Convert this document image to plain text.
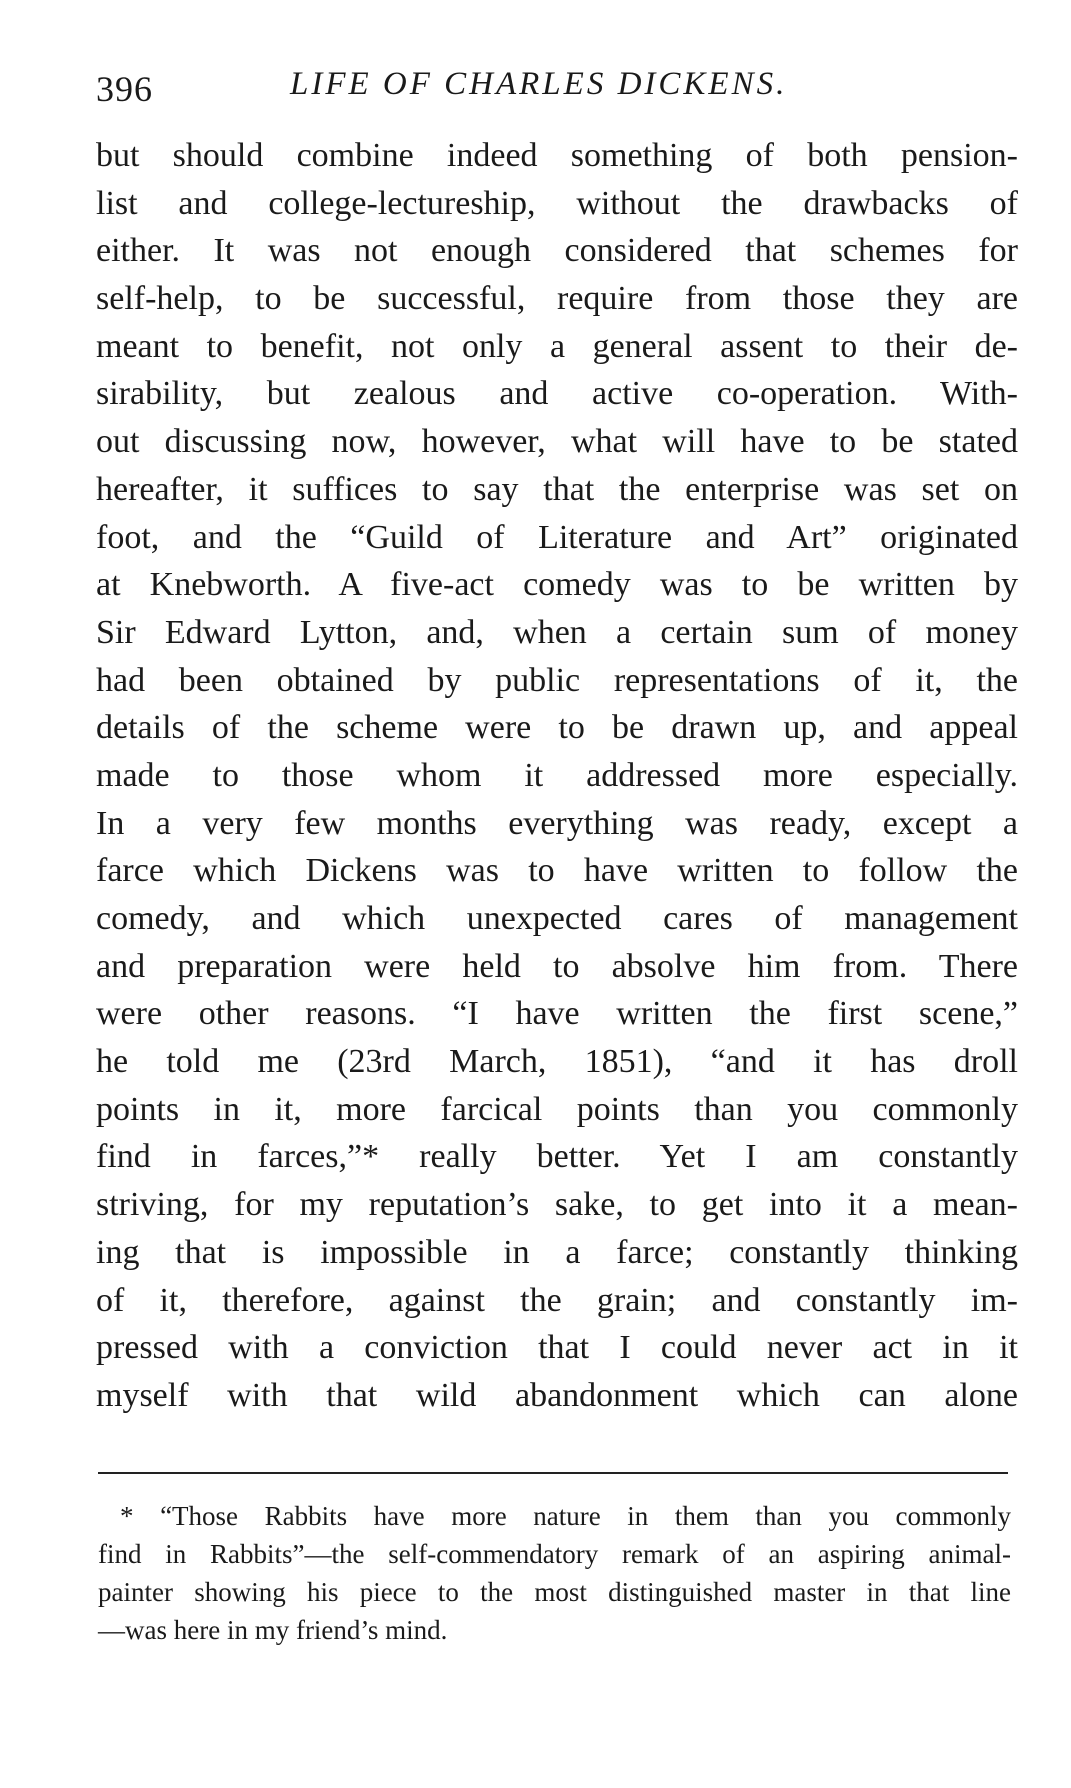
396	LIFE OF CHARLES DICKENS.
but should combine indeed something of both pension-
list and college-lectureship, without the drawbacks of
either. It was not enough considered that schemes for
self-help, to be successful, require from those they are
meant to benefit, not only a general assent to their de-
sirability, but zealous and active co-operation. With-
out discussing now, however, what will have to be stated
hereafter, it suffices to say that the enterprise was set on
foot, and the “Guild of Literature and Art” originated
at Knebworth. A five-act comedy was to be written by
Sir Edward Lytton, and, when a certain sum of money
had been obtained by public representations of it, the
details of the scheme were to be drawn up, and appeal
made to those whom it addressed more especially.
In a very few months everything was ready, except a
farce which Dickens was to have written to follow the
comedy, and which unexpected cares of management
and preparation were held to absolve him from. There
were other reasons. “I have written the first scene,”
he told me (23rd March, 1851), “and it has droll
points in it, more farcical points than you commonly
find in farces,”* really better. Yet I am constantly
striving, for my reputation’s sake, to get into it a mean-
ing that is impossible in a farce; constantly thinking
of it, therefore, against the grain; and constantly im-
pressed with a conviction that I could never act in it
myself with that wild abandonment which can alone
* “Those Rabbits have more nature in them than you commonly
find in Rabbits”—the self-commendatory remark of an aspiring animal-
painter showing his piece to the most distinguished master in that line
—was here in my friend’s mind.
